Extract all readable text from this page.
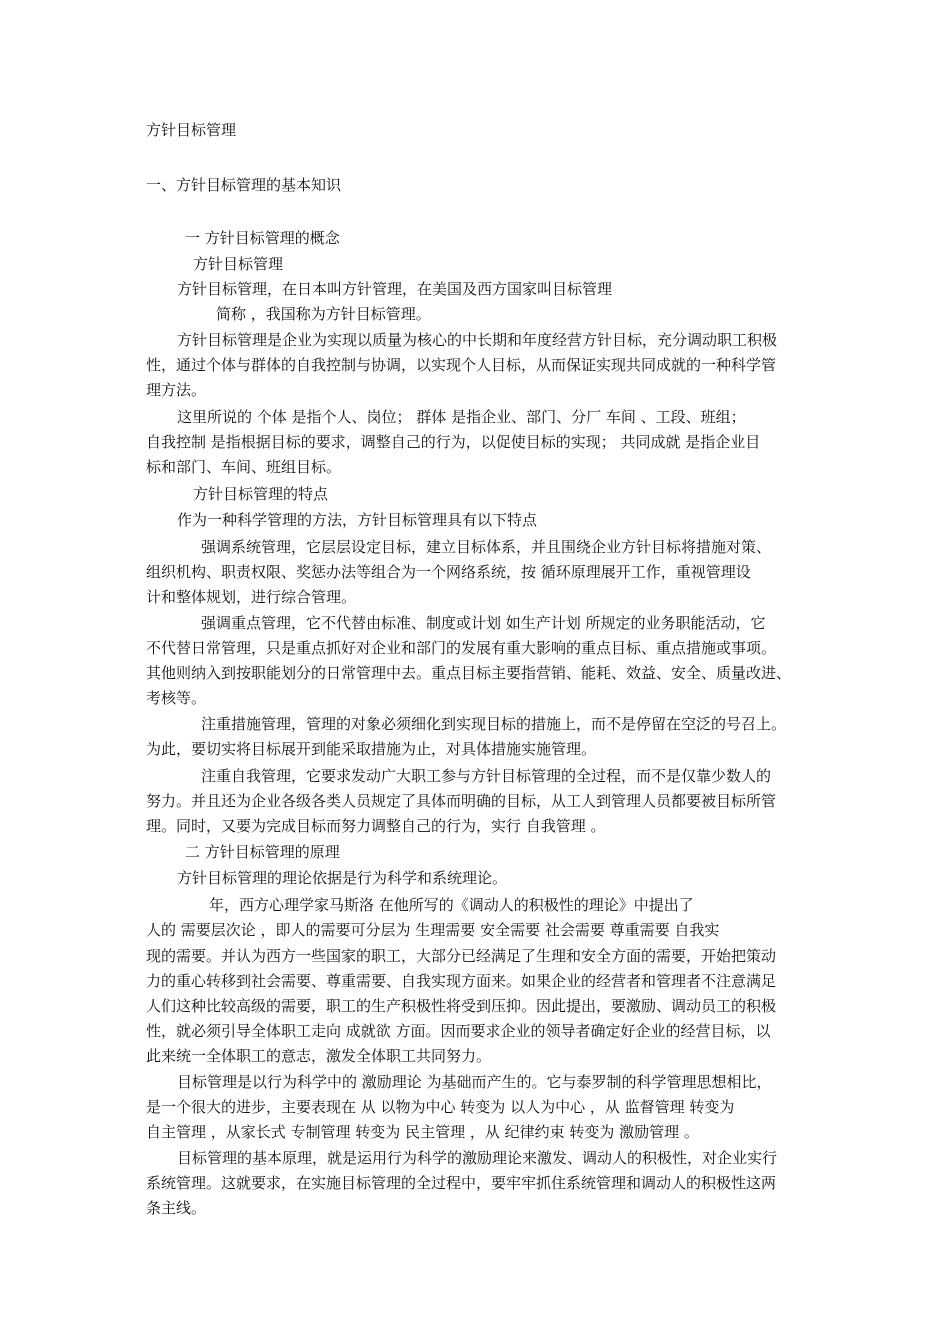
方针目标管理
一、方针目标管理的基本知识
一 方针目标管理的概念
方针目标管理
方针目标管理，在日本叫方针管理，在美国及西方国家叫目标管理
简称 ，我国称为方针目标管理。
方针目标管理是企业为实现以质量为核心的中长期和年度经营方针目标，充分调动职工积极
性，通过个体与群体的自我控制与协调，以实现个人目标，从而保证实现共同成就的一种科学管
理方法。
这里所说的 个体 是指个人、岗位； 群体 是指企业、部门、分厂 车间 、工段、班组；
自我控制 是指根据目标的要求，调整自己的行为，以促使目标的实现； 共同成就 是指企业目
标和部门、车间、班组目标。
方针目标管理的特点
作为一种科学管理的方法，方针目标管理具有以下特点
强调系统管理，它层层设定目标，建立目标体系，并且围绕企业方针目标将措施对策、
组织机构、职责权限、奖惩办法等组合为一个网络系统，按 循环原理展开工作，重视管理设
计和整体规划，进行综合管理。
强调重点管理，它不代替由标准、制度或计划 如生产计划 所规定的业务职能活动，它
不代替日常管理，只是重点抓好对企业和部门的发展有重大影响的重点目标、重点措施或事项。
其他则纳入到按职能划分的日常管理中去。重点目标主要指营销、能耗、效益、安全、质量改进、
考核等。
注重措施管理，管理的对象必须细化到实现目标的措施上，而不是停留在空泛的号召上。
为此，要切实将目标展开到能采取措施为止，对具体措施实施管理。
注重自我管理，它要求发动广大职工参与方针目标管理的全过程，而不是仅靠少数人的
努力。并且还为企业各级各类人员规定了具体而明确的目标，从工人到管理人员都要被目标所管
理。同时，又要为完成目标而努力调整自己的行为，实行 自我管理 。
二 方针目标管理的原理
方针目标管理的理论依据是行为科学和系统理论。
年，西方心理学家马斯洛 在他所写的《调动人的积极性的理论》中提出了
人的 需要层次论 ，即人的需要可分层为 生理需要 安全需要 社会需要 尊重需要 自我实
现的需要。并认为西方一些国家的职工，大部分已经满足了生理和安全方面的需要，开始把策动
力的重心转移到社会需要、尊重需要、自我实现方面来。如果企业的经营者和管理者不注意满足
人们这种比较高级的需要，职工的生产积极性将受到压抑。因此提出，要激励、调动员工的积极
性，就必须引导全体职工走向 成就欲 方面。因而要求企业的领导者确定好企业的经营目标，以
此来统一全体职工的意志，激发全体职工共同努力。
目标管理是以行为科学中的 激励理论 为基础而产生的。它与泰罗制的科学管理思想相比，
是一个很大的进步，主要表现在 从 以物为中心 转变为 以人为中心 ，从 监督管理 转变为
自主管理 ，从家长式 专制管理 转变为 民主管理 ，从 纪律约束 转变为 激励管理 。
目标管理的基本原理，就是运用行为科学的激励理论来激发、调动人的积极性，对企业实行
系统管理。这就要求，在实施目标管理的全过程中，要牢牢抓住系统管理和调动人的积极性这两
条主线。
